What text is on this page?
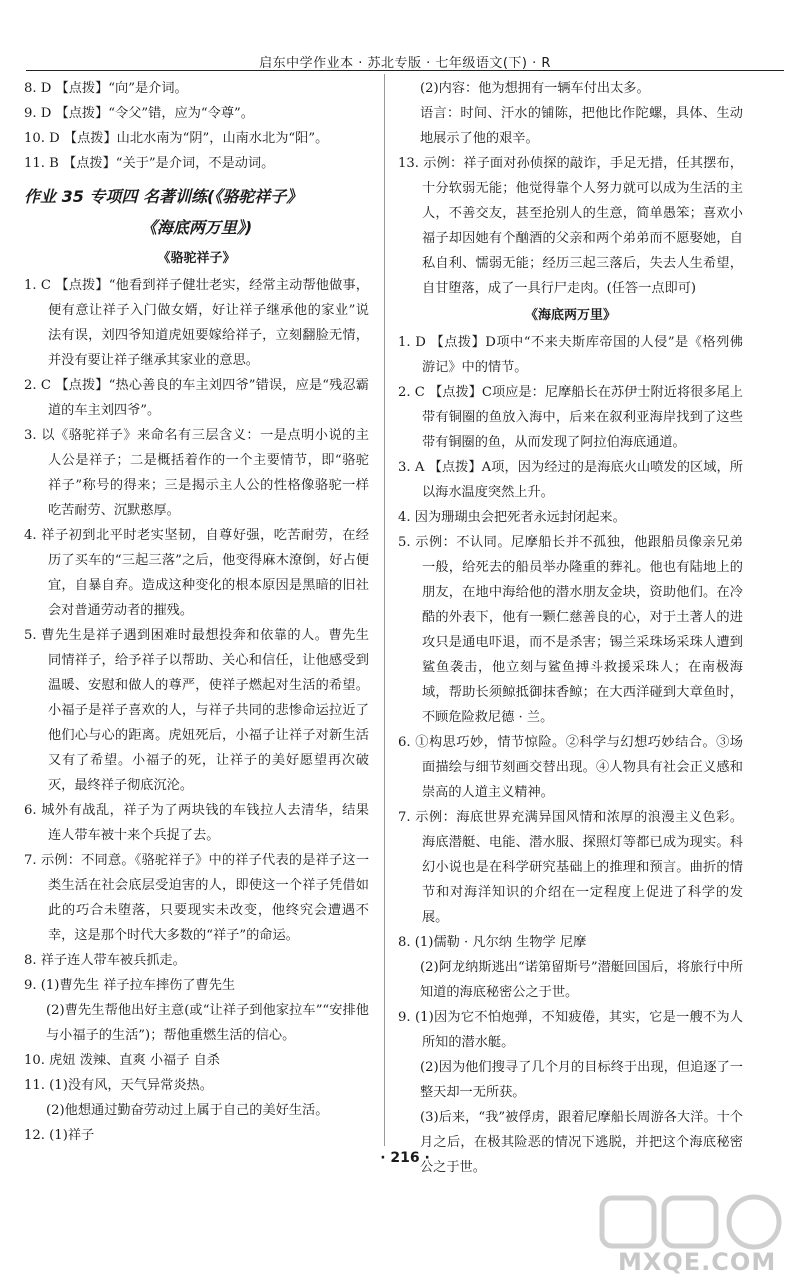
启东中学作业本 · 苏北专版 · 七年级语文(下) · R

8. D 【点拨】“向”是介词。

9. D 【点拨】“令父”错，应为“令尊”。

10. D 【点拨】山北水南为“阴”，山南水北为“阳”。

11. B 【点拨】“关于”是介词，不是动词。

作业 35 专项四 名著训练(《骆驼祥子》

《海底两万里》)

《骆驼祥子》

1. C 【点拨】“他看到祥子健壮老实，经常主动帮他做事，便有意让祥子入门做女婿，好让祥子继承他的家业”说法有误，刘四爷知道虎妞要嫁给祥子，立刻翻脸无情，并没有要让祥子继承其家业的意思。

2. C 【点拨】“热心善良的车主刘四爷”错误，应是“残忍霸道的车主刘四爷”。

3. 以《骆驼祥子》来命名有三层含义：一是点明小说的主人公是祥子；二是概括着作的一个主要情节，即“骆驼祥子”称号的得来；三是揭示主人公的性格像骆驼一样吃苦耐劳、沉默憨厚。

4. 祥子初到北平时老实坚韧，自尊好强，吃苦耐劳，在经历了买车的“三起三落”之后，他变得麻木潦倒，好占便宜，自暴自弃。造成这种变化的根本原因是黑暗的旧社会对普通劳动者的摧残。

5. 曹先生是祥子遇到困难时最想投奔和依靠的人。曹先生同情祥子，给予祥子以帮助、关心和信任，让他感受到温暖、安慰和做人的尊严，使祥子燃起对生活的希望。小福子是祥子喜欢的人，与祥子共同的悲惨命运拉近了他们心与心的距离。虎妞死后，小福子让祥子对新生活又有了希望。小福子的死，让祥子的美好愿望再次破灭，最终祥子彻底沉沦。

6. 城外有战乱，祥子为了两块钱的车钱拉人去清华，结果连人带车被十来个兵捉了去。

7. 示例：不同意。《骆驼祥子》中的祥子代表的是祥子这一类生活在社会底层受迫害的人，即使这一个祥子凭借如此的巧合未堕落，只要现实未改变，他终究会遭遇不幸，这是那个时代大多数的“祥子”的命运。

8. 祥子连人带车被兵抓走。

9. (1)曹先生 祥子拉车摔伤了曹先生

(2)曹先生帮他出好主意(或“让祥子到他家拉车”“安排他与小福子的生活”)；帮他重燃生活的信心。

10. 虎妞 泼辣、直爽 小福子 自杀

11. (1)没有风，天气异常炎热。

(2)他想通过勤奋劳动过上属于自己的美好生活。

12. (1)祥子

(2)内容：他为想拥有一辆车付出太多。

语言：时间、汗水的铺陈，把他比作陀螺，具体、生动地展示了他的艰辛。

13. 示例：祥子面对孙侦探的敲诈，手足无措，任其摆布，十分软弱无能；他觉得靠个人努力就可以成为生活的主人，不善交友，甚至抢别人的生意，简单愚笨；喜欢小福子却因她有个酗酒的父亲和两个弟弟而不愿娶她，自私自利、懦弱无能；经历三起三落后，失去人生希望，自甘堕落，成了一具行尸走肉。(任答一点即可)

《海底两万里》

1. D 【点拨】D项中“不来夫斯库帝国的人侵”是《格列佛游记》中的情节。

2. C 【点拨】C项应是：尼摩船长在苏伊士附近将很多尾上带有铜圈的鱼放入海中，后来在叙利亚海岸找到了这些带有铜圈的鱼，从而发现了阿拉伯海底通道。

3. A 【点拨】A项，因为经过的是海底火山喷发的区域，所以海水温度突然上升。

4. 因为珊瑚虫会把死者永远封闭起来。

5. 示例：不认同。尼摩船长并不孤独，他跟船员像亲兄弟一般，给死去的船员举办隆重的葬礼。他也有陆地上的朋友，在地中海给他的潜水朋友金块，资助他们。在冷酷的外表下，他有一颗仁慈善良的心，对于土著人的进攻只是通电吓退，而不是杀害；锡兰采珠场采珠人遭到鲨鱼袭击，他立刻与鲨鱼搏斗救援采珠人；在南极海域，帮助长须鲸抵御抹香鲸；在大西洋碰到大章鱼时，不顾危险救尼德 · 兰。

6. ①构思巧妙，情节惊险。②科学与幻想巧妙结合。③场面描绘与细节刻画交替出现。④人物具有社会正义感和崇高的人道主义精神。

7. 示例：海底世界充满异国风情和浓厚的浪漫主义色彩。海底潜艇、电能、潜水服、探照灯等都已成为现实。科幻小说也是在科学研究基础上的推理和预言。曲折的情节和对海洋知识的介绍在一定程度上促进了科学的发展。

8. (1)儒勒 · 凡尔纳 生物学 尼摩

(2)阿龙纳斯逃出“诺第留斯号”潜艇回国后，将旅行中所知道的海底秘密公之于世。

9. (1)因为它不怕炮弹，不知疲倦，其实，它是一艘不为人所知的潜水艇。

(2)因为他们搜寻了几个月的目标终于出现，但追逐了一整天却一无所获。

(3)后来，“我”被俘虏，跟着尼摩船长周游各大洋。十个月之后，在极其险恶的情况下逃脱，并把这个海底秘密公之于世。

· 216 ·
MXQE.COM
